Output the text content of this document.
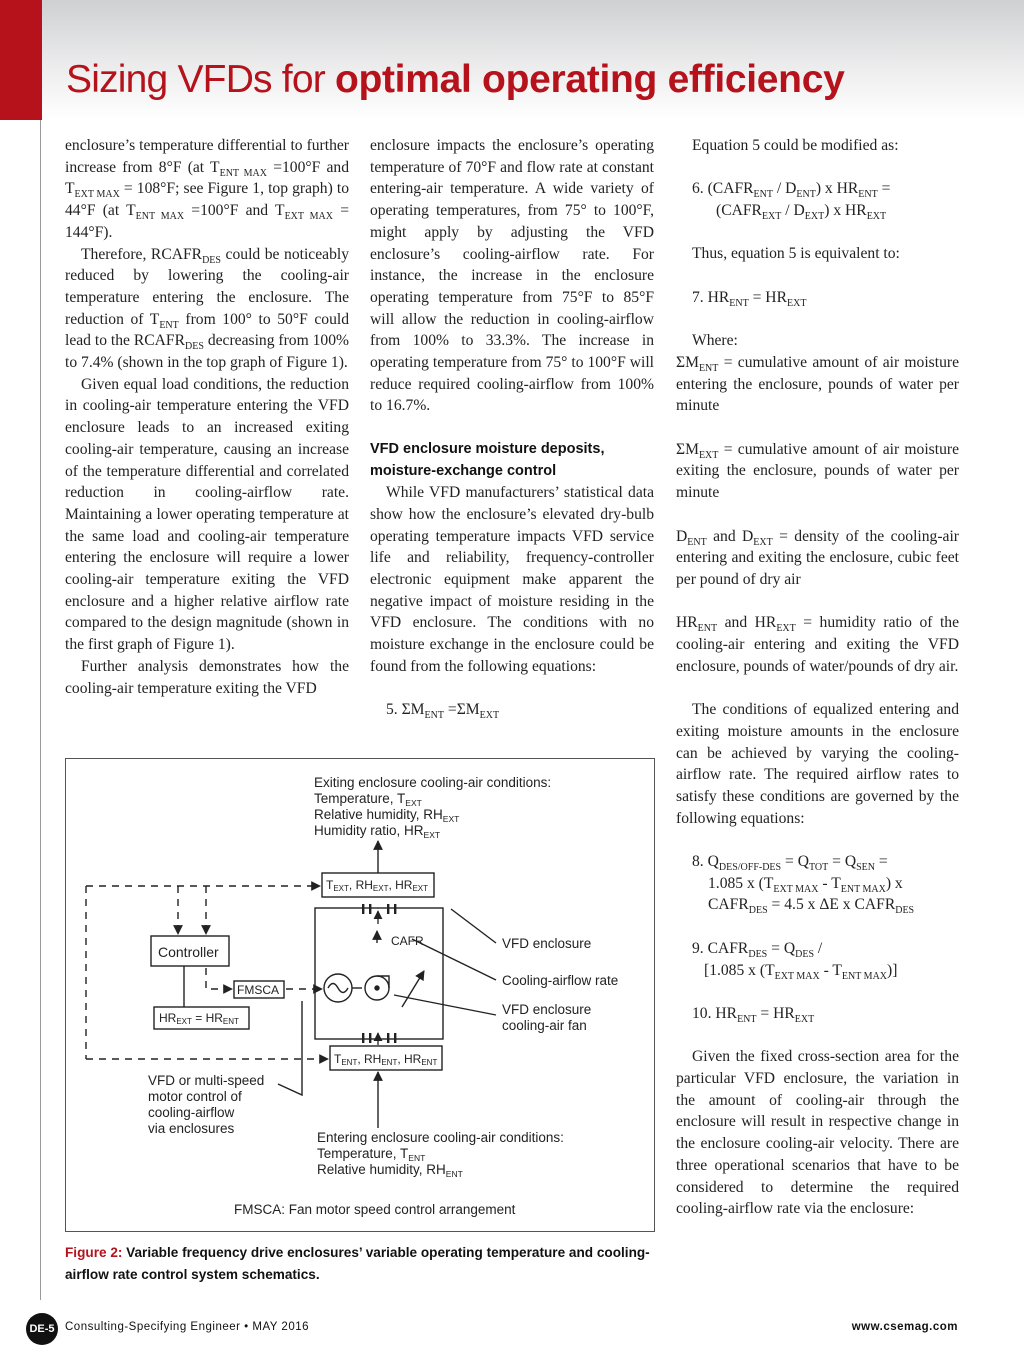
Sizing VFDs for optimal operating efficiency

enclosure’s temperature differential to further increase from 8°F (at $T_{ENT MAX} =100^\circ F$ and $T_{EXT MAX} = 108^\circ F$; see Figure 1, top graph) to 44°F (at $T_{ENT MAX} =100^\circ F$ and $T_{EXT MAX} = 144^\circ F$).

Therefore, $RCAFR_{DES}$ could be noticeably reduced by lowering the cooling-air temperature entering the enclosure. The reduction of $T_{ENT}$ from 100° to 50°F could lead to the $RCAFR_{DES}$ decreasing from 100% to 7.4% (shown in the top graph of Figure 1).

Given equal load conditions, the reduction in cooling-air temperature entering the VFD enclosure leads to an increased exiting cooling-air temperature, causing an increase of the temperature differential and correlated reduction in cooling-airflow rate. Maintaining a lower operating temperature at the same load and cooling-air temperature entering the enclosure will require a lower cooling-air temperature exiting the VFD enclosure and a higher relative airflow rate compared to the design magnitude (shown in the first graph of Figure 1).

Further analysis demonstrates how the cooling-air temperature exiting the VFD

enclosure impacts the enclosure’s operating temperature of 70°F and flow rate at constant entering-air temperature. A wide variety of operating temperatures, from 75° to 100°F, might apply by adjusting the VFD enclosure’s cooling-airflow rate. For instance, the increase in the enclosure operating temperature from 75°F to 85°F will allow the reduction in cooling-airflow from 100% to 33.3%. The increase in operating temperature from 75° to 100°F will reduce required cooling-airflow from 100% to 16.7%.

VFD enclosure moisture deposits, moisture-exchange control

While VFD manufacturers’ statistical data show how the enclosure’s elevated dry-bulb operating temperature impacts VFD service life and reliability, frequency-controller electronic equipment make apparent the negative impact of moisture residing in the VFD enclosure. The conditions with no moisture exchange in the enclosure could be found from the following equations:

5. $\Sigma M_{ENT} =\Sigma M_{EXT}$

Equation 5 could be modified as:

6. $(CAFR_{ENT} / D_{ENT})$ x $HR_{ENT}$ =

$(CAFR_{EXT} / D_{EXT})$ x $HR_{EXT}$

Thus, equation 5 is equivalent to:

7. $HR_{ENT} = HR_{EXT}$

Where:

$\Sigma M_{ENT}$ = cumulative amount of air moisture entering the enclosure, pounds of water per minute

$\Sigma M_{EXT}$ = cumulative amount of air moisture exiting the enclosure, pounds of water per minute

$D_{ENT}$ and $D_{EXT}$ = density of the cooling-air entering and exiting the enclosure, cubic feet per pound of dry air

$HR_{ENT}$ and $HR_{EXT}$ = humidity ratio of the cooling-air entering and exiting the VFD enclosure, pounds of water/pounds of dry air.

The conditions of equalized entering and exiting moisture amounts in the enclosure can be achieved by varying the cooling-airflow rate. The required airflow rates to satisfy these conditions are governed by the following equations:

8. $Q_{DES/OFF-DES} = Q_{TOT} = Q_{SEN}$ =

1.085 x $(T_{EXT MAX} - T_{ENT MAX})$ x

$CAFR_{DES} = 4.5$ x ΔE x $CAFR_{DES}$

9. $CAFR_{DES} = Q_{DES}$ /

[1.085 x $(T_{EXT MAX} - T_{ENT MAX})$]

10. $HR_{ENT} = HR_{EXT}$

Given the fixed cross-section area for the particular VFD enclosure, the variation in the amount of cooling-air through the enclosure will result in respective change in the enclosure cooling-air velocity. There are three operational scenarios that have to be considered to determine the required cooling-airflow rate via the enclosure:

Exiting enclosure cooling-air conditions:
Temperature, $T_{EXT}$
Relative humidity, $RH_{EXT}$
Humidity ratio, $HR_{EXT}$
TEXT, RHEXT, HREXT
TENT, RHENT, HRENT
CAFR
Controller
FMSCA
HREXT = HRENT
VFD enclosure
Cooling-airflow rate
VFD enclosure
cooling-air fan
VFD or multi-speed
motor control of
cooling-airflow
via enclosures
Entering enclosure cooling-air conditions:
Temperature, $T_{ENT}$
Relative humidity, $RH_{ENT}$
FMSCA: Fan motor speed control arrangement

Figure 2: Variable frequency drive enclosures’ variable operating temperature and cooling-airflow rate control system schematics.

DE-5 Consulting-Specifying Engineer • MAY 2016	www.csemag.com
